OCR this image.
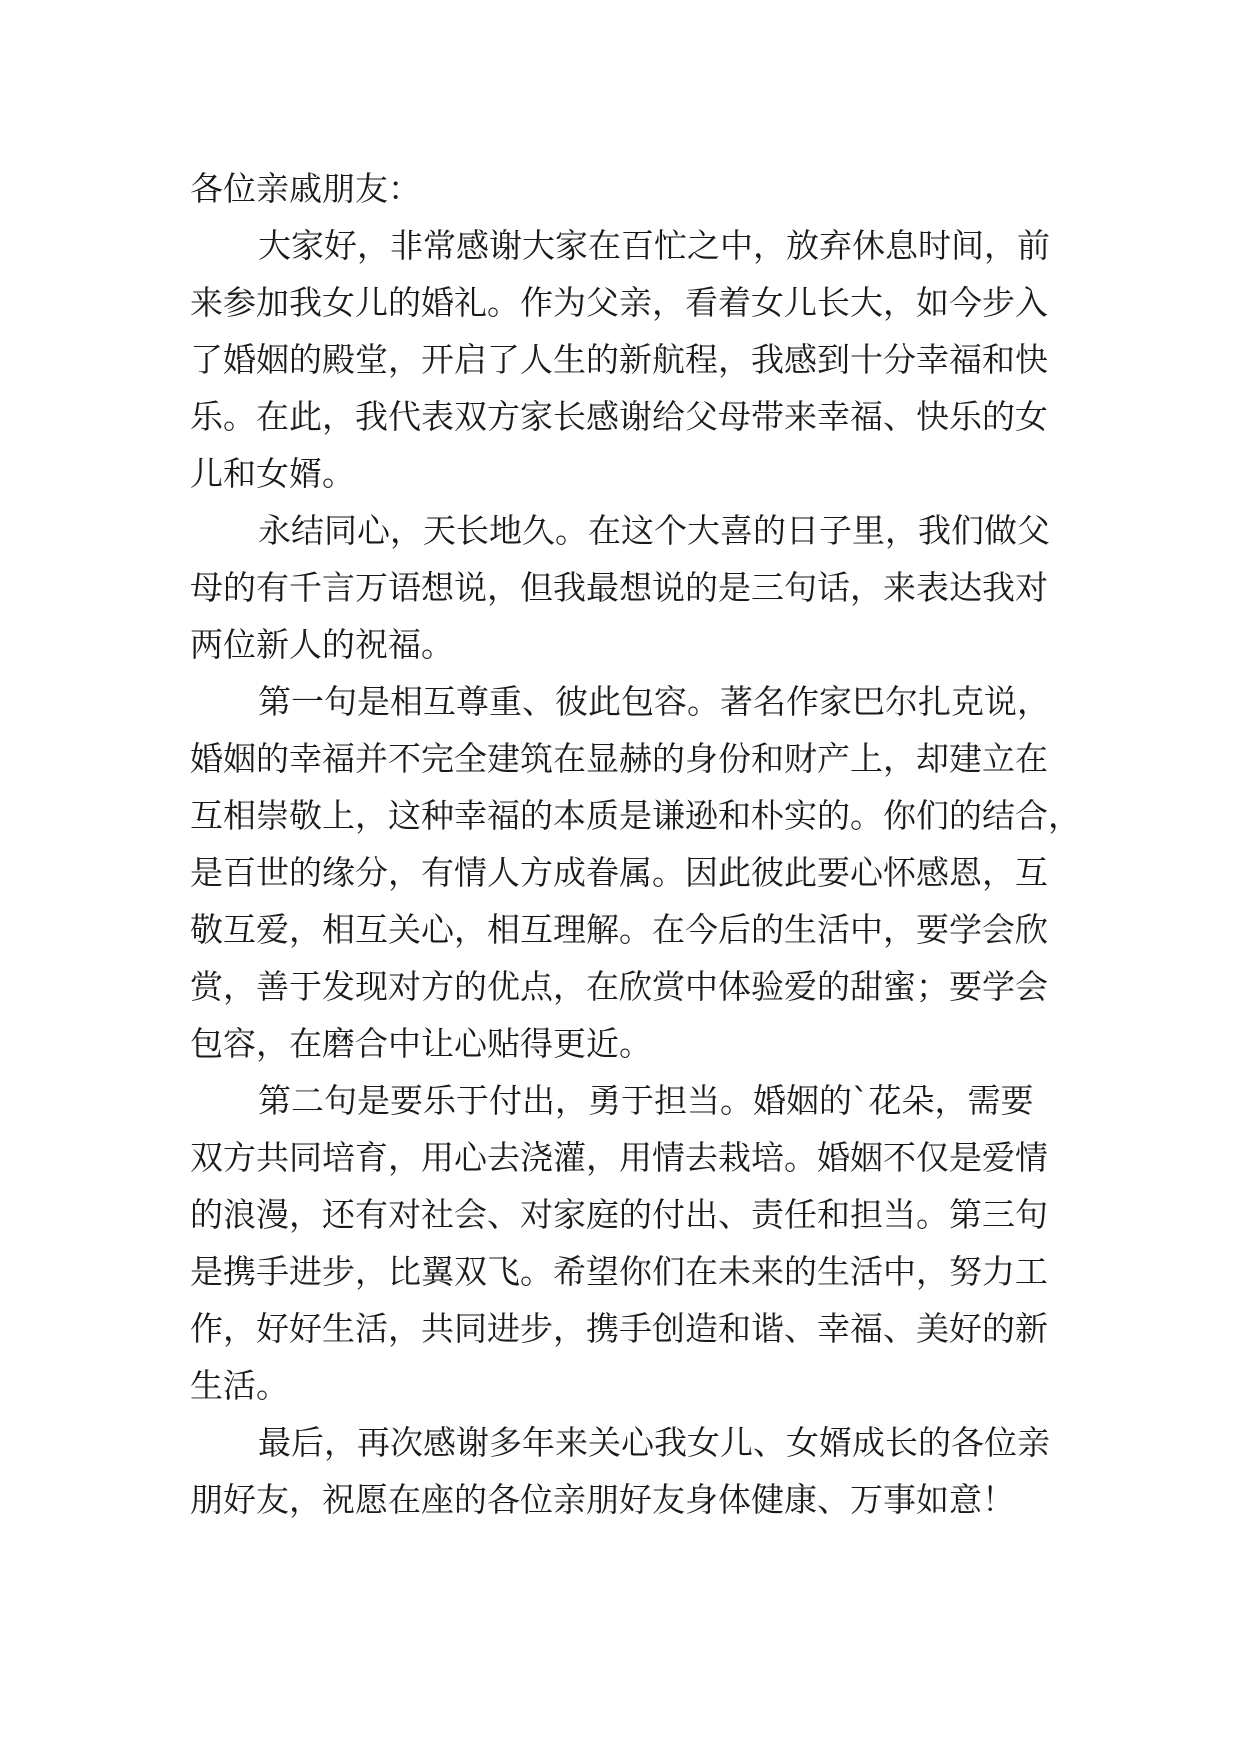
各位亲戚朋友：
大家好，非常感谢大家在百忙之中，放弃休息时间，前
来参加我女儿的婚礼。作为父亲，看着女儿长大，如今步入
了婚姻的殿堂，开启了人生的新航程，我感到十分幸福和快
乐。在此，我代表双方家长感谢给父母带来幸福、快乐的女
儿和女婿。
永结同心，天长地久。在这个大喜的日子里，我们做父
母的有千言万语想说，但我最想说的是三句话，来表达我对
两位新人的祝福。
第一句是相互尊重、彼此包容。著名作家巴尔扎克说，
婚姻的幸福并不完全建筑在显赫的身份和财产上，却建立在
互相崇敬上，这种幸福的本质是谦逊和朴实的。你们的结合，
是百世的缘分，有情人方成眷属。因此彼此要心怀感恩，互
敬互爱，相互关心，相互理解。在今后的生活中，要学会欣
赏，善于发现对方的优点，在欣赏中体验爱的甜蜜；要学会
包容，在磨合中让心贴得更近。
第二句是要乐于付出，勇于担当。婚姻的`花朵，需要
双方共同培育，用心去浇灌，用情去栽培。婚姻不仅是爱情
的浪漫，还有对社会、对家庭的付出、责任和担当。第三句
是携手进步，比翼双飞。希望你们在未来的生活中，努力工
作，好好生活，共同进步，携手创造和谐、幸福、美好的新
生活。
最后，再次感谢多年来关心我女儿、女婿成长的各位亲
朋好友，祝愿在座的各位亲朋好友身体健康、万事如意！
